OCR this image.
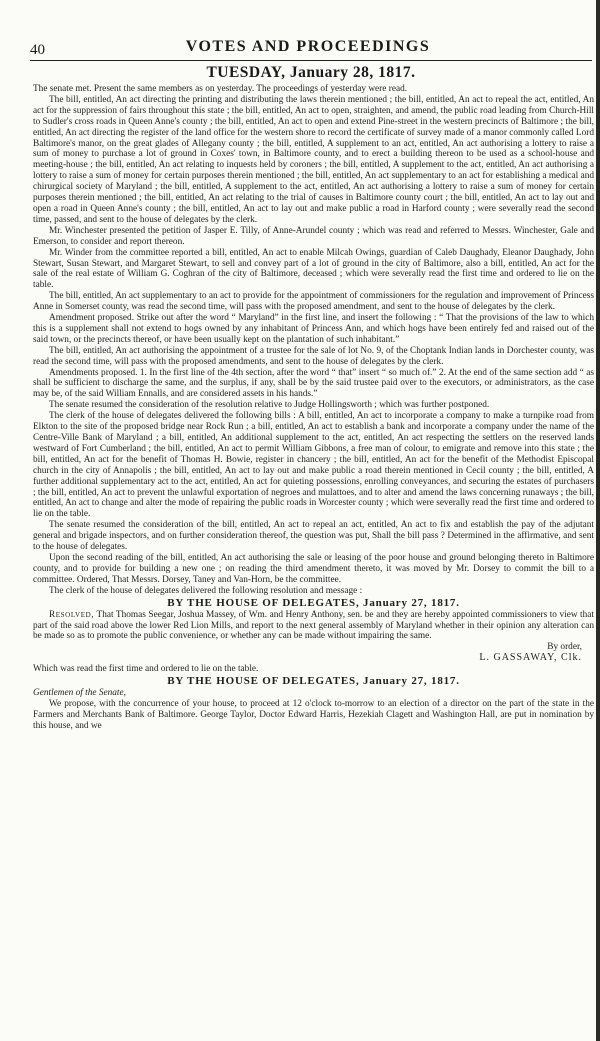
40	VOTES AND PROCEEDINGS
TUESDAY, January 28, 1817.

The senate met. Present the same members as on yesterday. The proceedings of yesterday were read.

The bill, entitled, An act directing the printing and distributing the laws therein mentioned ; the bill, entitled, An act to repeal the act, entitled, An act for the suppression of fairs throughout this state ; the bill, entitled, An act to open, straighten, and amend, the public road leading from Church-Hill to Sudler's cross roads in Queen Anne's county ; the bill, entitled, An act to open and extend Pine-street in the western precincts of Baltimore ; the bill, entitled, An act directing the register of the land office for the western shore to record the certificate of survey made of a manor commonly called Lord Baltimore's manor, on the great glades of Allegany county ; the bill, entitled, A supplement to an act, entitled, An act authorising a lottery to raise a sum of money to purchase a lot of ground in Coxes' town, in Baltimore county, and to erect a building thereon to be used as a school-house and meeting-house ; the bill, entitled, An act relating to inquests held by coroners ; the bill, entitled, A supplement to the act, entitled, An act authorising a lottery to raise a sum of money for certain purposes therein mentioned ; the bill, entitled, An act supplementary to an act for establishing a medical and chirurgical society of Maryland ; the bill, entitled, A supplement to the act, entitled, An act authorising a lottery to raise a sum of money for certain purposes therein mentioned ; the bill, entitled, An act relating to the trial of causes in Baltimore county court ; the bill, entitled, An act to lay out and open a road in Queen Anne's county ; the bill, entitled, An act to lay out and make public a road in Harford county ; were severally read the second time, passed, and sent to the house of delegates by the clerk.

Mr. Winchester presented the petition of Jasper E. Tilly, of Anne-Arundel county ; which was read and referred to Messrs. Winchester, Gale and Emerson, to consider and report thereon.

Mr. Winder from the committee reported a bill, entitled, An act to enable Milcah Owings, guardian of Caleb Daughady, Eleanor Daughady, John Stewart, Susan Stewart, and Margaret Stewart, to sell and convey part of a lot of ground in the city of Baltimore, also a bill, entitled, An act for the sale of the real estate of William G. Coghran of the city of Baltimore, deceased ; which were severally read the first time and ordered to lie on the table.

The bill, entitled, An act supplementary to an act to provide for the appointment of commissioners for the regulation and improvement of Princess Anne in Somerset county, was read the second time, will pass with the proposed amendment, and sent to the house of delegates by the clerk.

Amendment proposed. Strike out after the word “ Maryland” in the first line, and insert the following : “ That the provisions of the law to which this is a supplement shall not extend to hogs owned by any inhabitant of Princess Ann, and which hogs have been entirely fed and raised out of the said town, or the precincts thereof, or have been usually kept on the plantation of such inhabitant.”

The bill, entitled, An act authorising the appointment of a trustee for the sale of lot No. 9, of the Choptank Indian lands in Dorchester county, was read the second time, will pass with the proposed amendments, and sent to the house of delegates by the clerk.

Amendments proposed. 1. In the first line of the 4th section, after the word “ that” insert “ so much of.” 2. At the end of the same section add “ as shall be sufficient to discharge the same, and the surplus, if any, shall be by the said trustee paid over to the executors, or administrators, as the case may be, of the said William Ennalls, and are considered assets in his hands.”

The senate resumed the consideration of the resolution relative to Judge Hollingsworth ; which was further postponed.

The clerk of the house of delegates delivered the following bills : A bill, entitled, An act to incorporate a company to make a turnpike road from Elkton to the site of the proposed bridge near Rock Run ; a bill, entitled, An act to establish a bank and incorporate a company under the name of the Centre-Ville Bank of Maryland ; a bill, entitled, An additional supplement to the act, entitled, An act respecting the settlers on the reserved lands westward of Fort Cumberland ; the bill, entitled, An act to permit William Gibbons, a free man of colour, to emigrate and remove into this state ; the bill, entitled, An act for the benefit of Thomas H. Bowie, register in chancery ; the bill, entitled, An act for the benefit of the Methodist Episcopal church in the city of Annapolis ; the bill, entitled, An act to lay out and make public a road therein mentioned in Cecil county ; the bill, entitled, A further additional supplementary act to the act, entitled, An act for quieting possessions, enrolling conveyances, and securing the estates of purchasers ; the bill, entitled, An act to prevent the unlawful exportation of negroes and mulattoes, and to alter and amend the laws concerning runaways ; the bill, entitled, An act to change and alter the mode of repairing the public roads in Worcester county ; which were severally read the first time and ordered to lie on the table.

The senate resumed the consideration of the bill, entitled, An act to repeal an act, entitled, An act to fix and establish the pay of the adjutant general and brigade inspectors, and on further consideration thereof, the question was put, Shall the bill pass ? Determined in the affirmative, and sent to the house of delegates.

Upon the second reading of the bill, entitled, An act authorising the sale or leasing of the poor house and ground belonging thereto in Baltimore county, and to provide for building a new one ; on reading the third amendment thereto, it was moved by Mr. Dorsey to commit the bill to a committee. Ordered, That Messrs. Dorsey, Taney and Van-Horn, be the committee.

The clerk of the house of delegates delivered the following resolution and message :

BY THE HOUSE OF DELEGATES, January 27, 1817.

Resolved, That Thomas Seegar, Joshua Massey, of Wm. and Henry Anthony, sen. be and they are hereby appointed commissioners to view that part of the said road above the lower Red Lion Mills, and report to the next general assembly of Maryland whether in their opinion any alteration can be made so as to promote the public convenience, or whether any can be made without impairing the same.

By order,

L. GASSAWAY, Clk.

Which was read the first time and ordered to lie on the table.

BY THE HOUSE OF DELEGATES, January 27, 1817.

Gentlemen of the Senate,

We propose, with the concurrence of your house, to proceed at 12 o'clock to-morrow to an election of a director on the part of the state in the Farmers and Merchants Bank of Baltimore. George Taylor, Doctor Edward Harris, Hezekiah Clagett and Washington Hall, are put in nomination by this house, and we
